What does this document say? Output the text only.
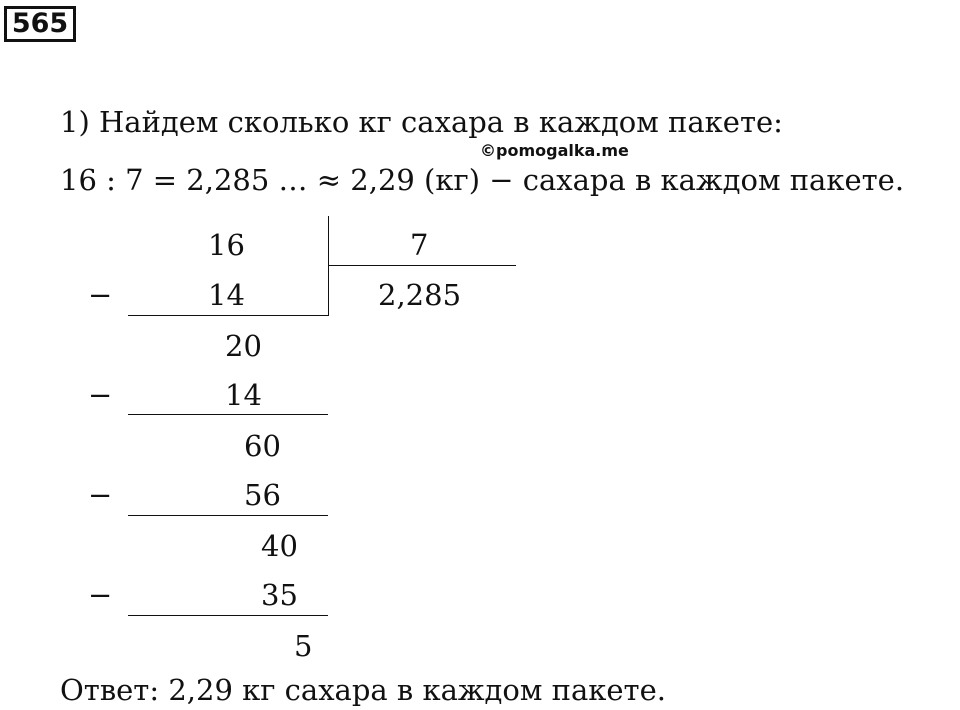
565
1) Найдем сколько кг сахара в каждом пакете:
©pomogalka.me
16 : 7 = 2,285 … ≈ 2,29 (кг) − сахара в каждом пакете.
16	7
2,285
−	14
20
−	14
60
−	56
40
−	35
5
Ответ: 2,29 кг сахара в каждом пакете.
